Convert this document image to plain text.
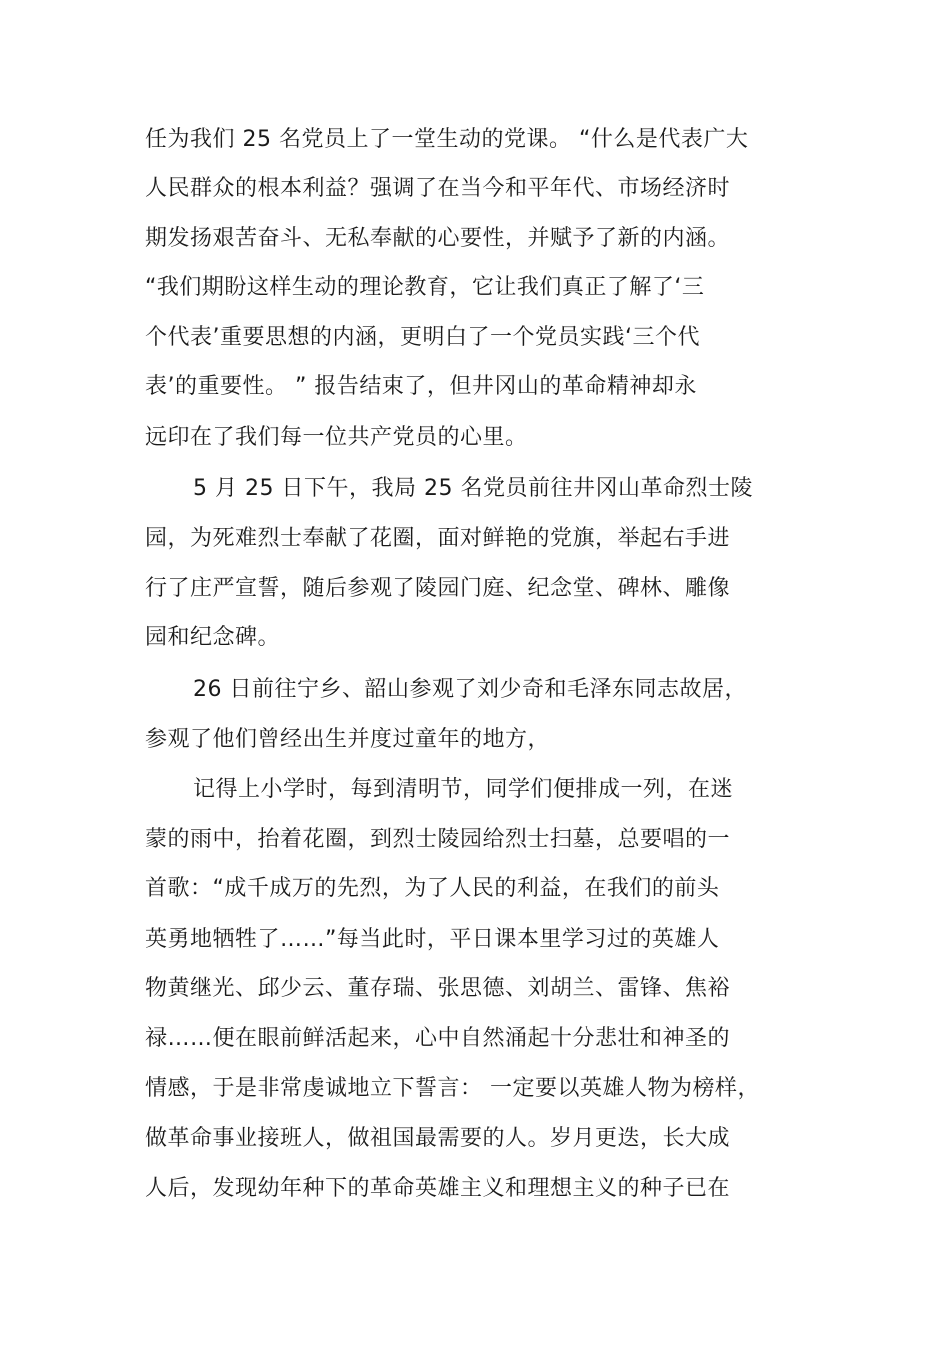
任为我们 25 名党员上了一堂生动的党课。 “什么是代表广大
人民群众的根本利益？强调了在当今和平年代、市场经济时
期发扬艰苦奋斗、无私奉献的心要性，并赋予了新的内涵。
“我们期盼这样生动的理论教育，它让我们真正了解了‘三
个代表’重要思想的内涵，更明白了一个党员实践‘三个代
表’的重要性。 ” 报告结束了，但井冈山的革命精神却永
远印在了我们每一位共产党员的心里。
5 月 25 日下午，我局 25 名党员前往井冈山革命烈士陵
园，为死难烈士奉献了花圈，面对鲜艳的党旗，举起右手进
行了庄严宣誓，随后参观了陵园门庭、纪念堂、碑林、雕像
园和纪念碑。
26 日前往宁乡、韶山参观了刘少奇和毛泽东同志故居，
参观了他们曾经出生并度过童年的地方，
记得上小学时，每到清明节，同学们便排成一列，在迷
蒙的雨中，抬着花圈，到烈士陵园给烈士扫墓，总要唱的一
首歌：“成千成万的先烈，为了人民的利益，在我们的前头
英勇地牺牲了……”每当此时，平日课本里学习过的英雄人
物黄继光、邱少云、董存瑞、张思德、刘胡兰、雷锋、焦裕
禄……便在眼前鲜活起来，心中自然涌起十分悲壮和神圣的
情感，于是非常虔诚地立下誓言： 一定要以英雄人物为榜样，
做革命事业接班人，做祖国最需要的人。岁月更迭，长大成
人后，发现幼年种下的革命英雄主义和理想主义的种子已在
